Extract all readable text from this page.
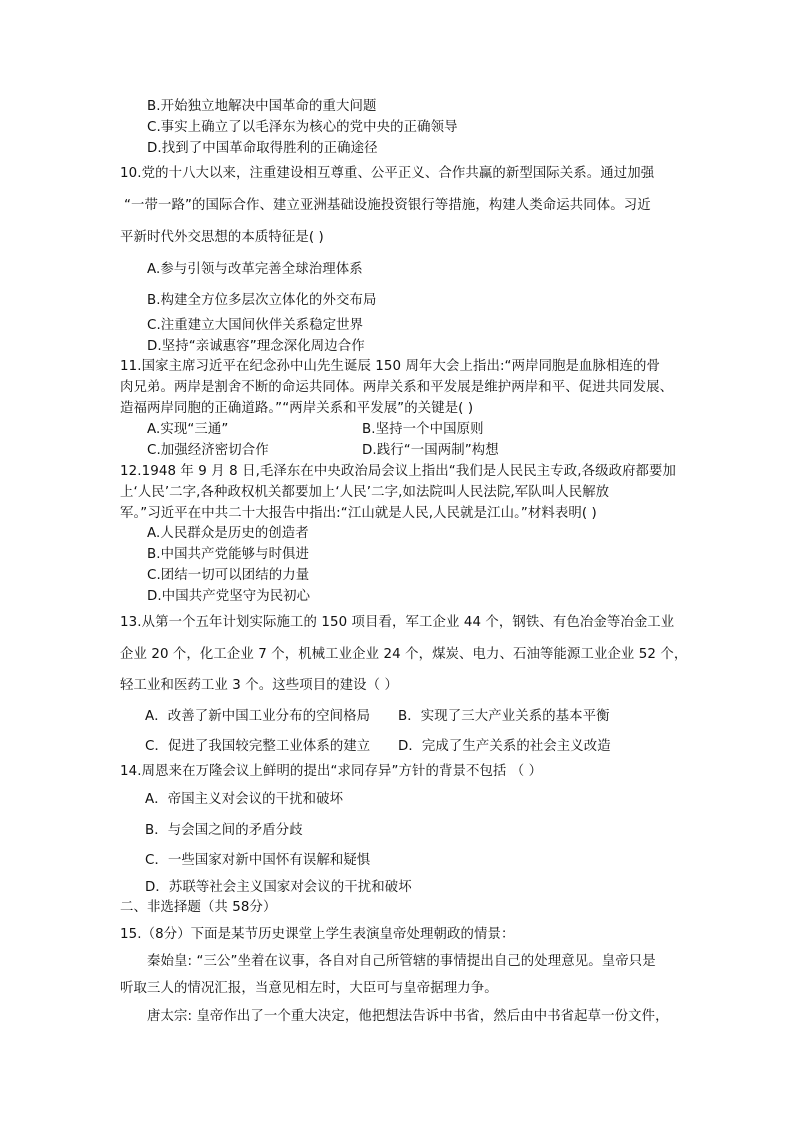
B.开始独立地解决中国革命的重大问题
C.事实上确立了以毛泽东为核心的党中央的正确领导
D.找到了中国革命取得胜利的正确途径
10.党的十八大以来，注重建设相互尊重、公平正义、合作共赢的新型国际关系。通过加强
“一带一路”的国际合作、建立亚洲基础设施投资银行等措施，构建人类命运共同体。习近
平新时代外交思想的本质特征是( )
A.参与引领与改革完善全球治理体系
B.构建全方位多层次立体化的外交布局
C.注重建立大国间伙伴关系稳定世界
D.坚持“亲诚惠容”理念深化周边合作
11.国家主席习近平在纪念孙中山先生诞辰 150 周年大会上指出:“两岸同胞是血脉相连的骨
肉兄弟。两岸是割舍不断的命运共同体。两岸关系和平发展是维护两岸和平、促进共同发展、
造福两岸同胞的正确道路。”“两岸关系和平发展”的关键是( )
A.实现“三通”	B.坚持一个中国原则
C.加强经济密切合作	D.践行“一国两制”构想
12.1948 年 9 月 8 日,毛泽东在中央政治局会议上指出“我们是人民民主专政,各级政府都要加
上‘人民’二字,各种政权机关都要加上‘人民’二字,如法院叫人民法院,军队叫人民解放
军。”习近平在中共二十大报告中指出:“江山就是人民,人民就是江山。”材料表明( )
A.人民群众是历史的创造者
B.中国共产党能够与时俱进
C.团结一切可以团结的力量
D.中国共产党坚守为民初心
13.从第一个五年计划实际施工的 150 项目看，军工企业 44 个，钢铁、有色冶金等冶金工业
企业 20 个，化工企业 7 个，机械工业企业 24 个，煤炭、电力、石油等能源工业企业 52 个，
轻工业和医药工业 3 个。这些项目的建设（ ）
A．改善了新中国工业分布的空间格局 B．实现了三大产业关系的基本平衡
C．促进了我国较完整工业体系的建立 D．完成了生产关系的社会主义改造
14.周恩来在万隆会议上鲜明的提出“求同存异”方针的背景不包括 （ ）
A．帝国主义对会议的干扰和破坏
B．与会国之间的矛盾分歧
C．一些国家对新中国怀有误解和疑惧
D．苏联等社会主义国家对会议的干扰和破坏
二、非选择题（共 58分）
15.（8分）下面是某节历史课堂上学生表演皇帝处理朝政的情景：
秦始皇: “三公”坐着在议事，各自对自己所管辖的事情提出自己的处理意见。皇帝只是
听取三人的情况汇报，当意见相左时，大臣可与皇帝据理力争。
唐太宗: 皇帝作出了一个重大决定，他把想法告诉中书省，然后由中书省起草一份文件，
